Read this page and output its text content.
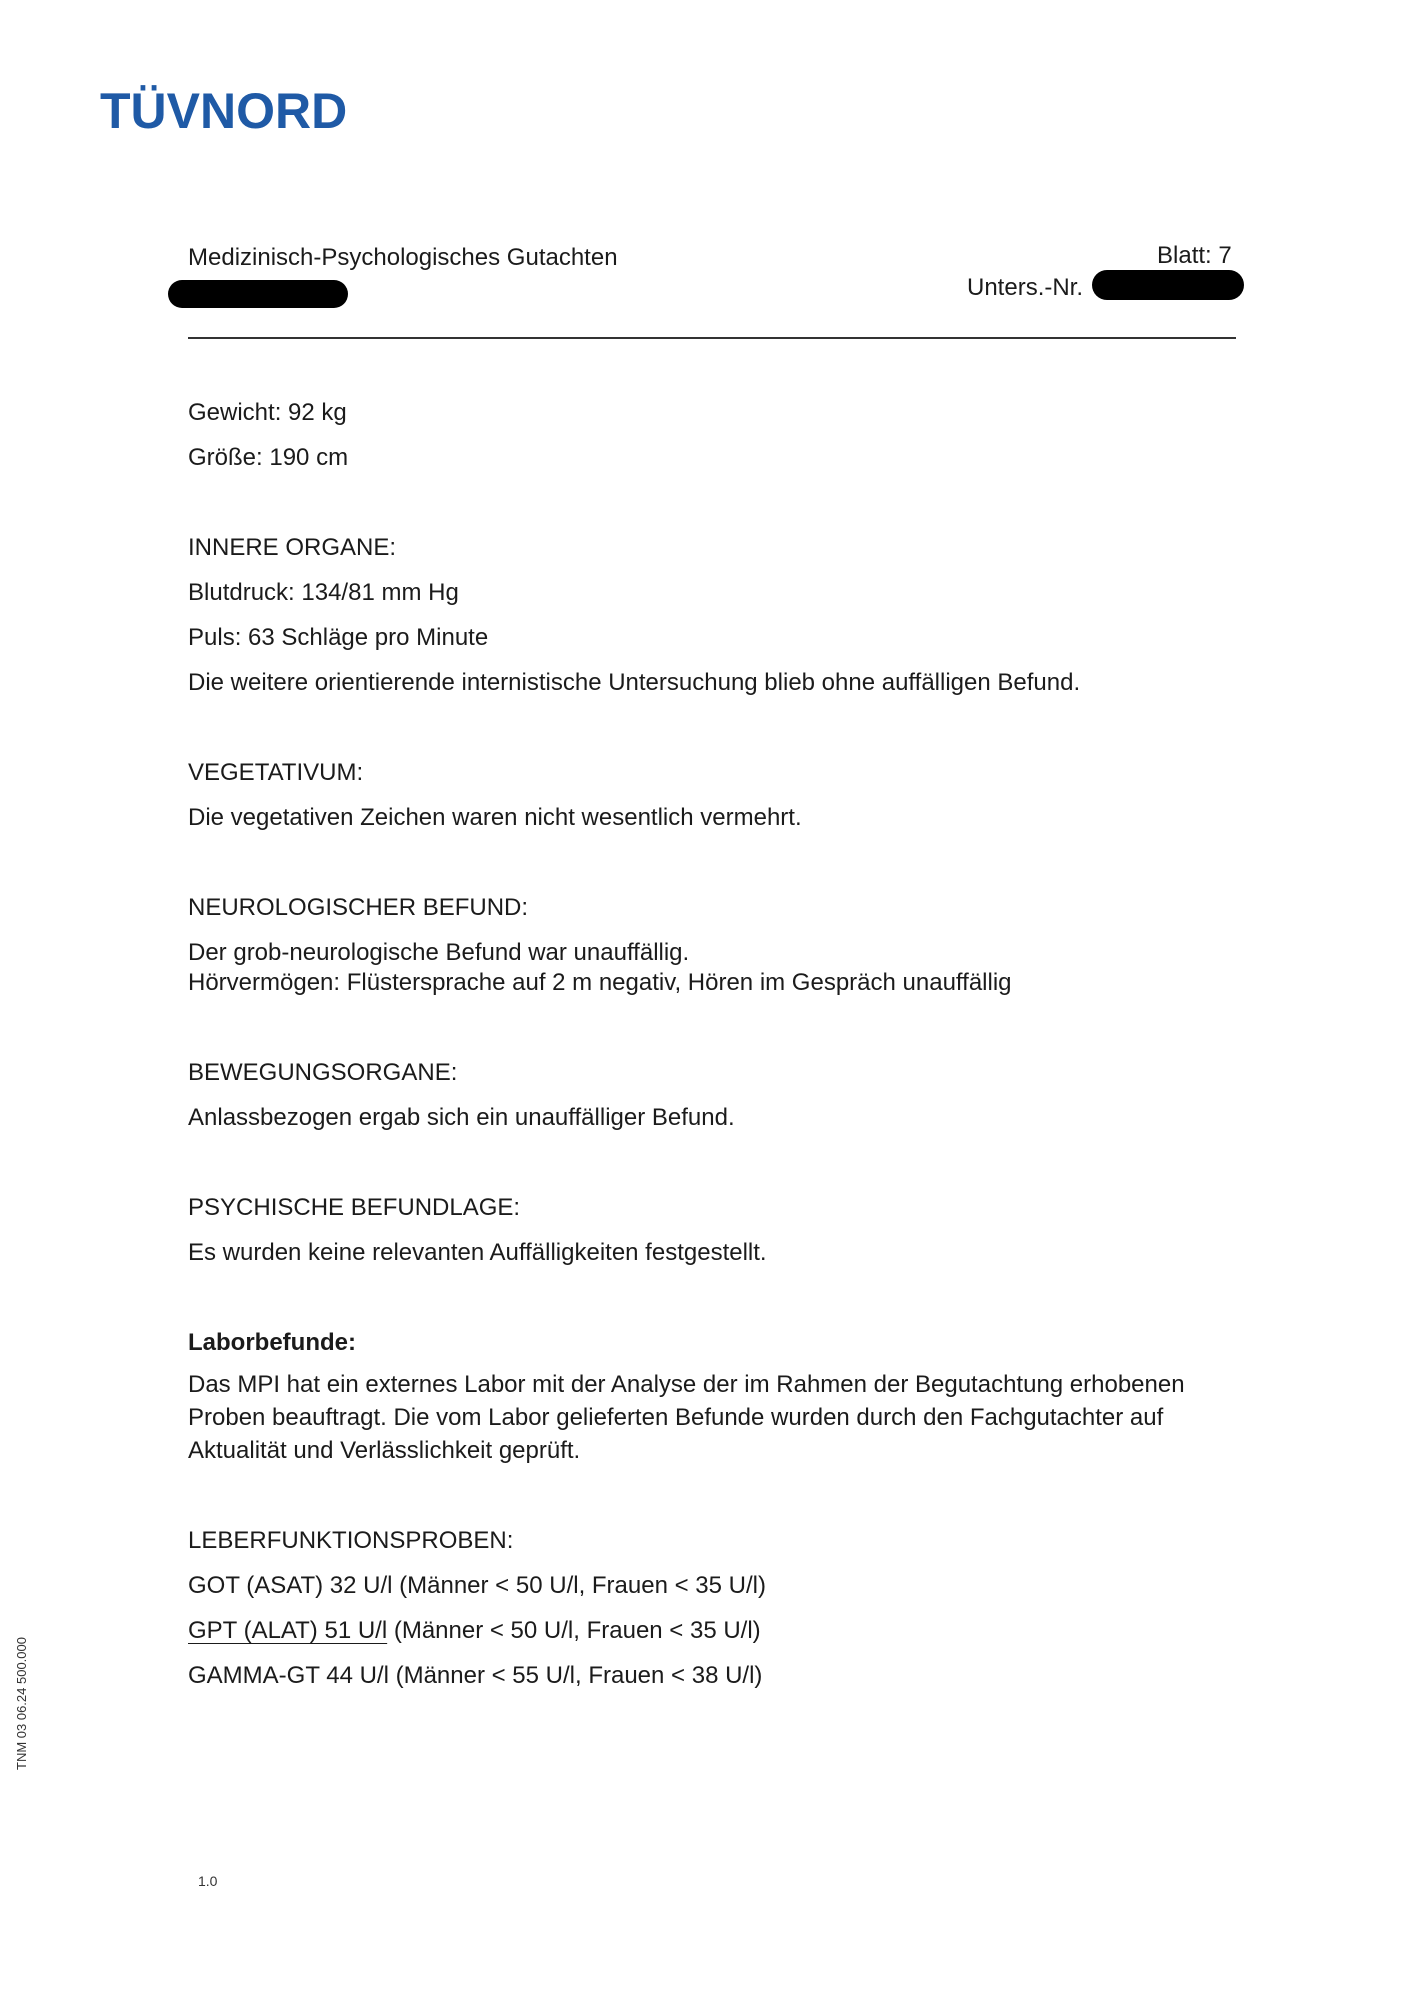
TÜVNORD
Medizinisch-Psychologisches Gutachten	Blatt: 7
Unters.-Nr.
Gewicht: 92 kg
Größe: 190 cm
INNERE ORGANE:
Blutdruck: 134/81 mm Hg
Puls: 63 Schläge pro Minute
Die weitere orientierende internistische Untersuchung blieb ohne auffälligen Befund.
VEGETATIVUM:
Die vegetativen Zeichen waren nicht wesentlich vermehrt.
NEUROLOGISCHER BEFUND:
Der grob-neurologische Befund war unauffällig.
Hörvermögen: Flüstersprache auf 2 m negativ, Hören im Gespräch unauffällig
BEWEGUNGSORGANE:
Anlassbezogen ergab sich ein unauffälliger Befund.
PSYCHISCHE BEFUNDLAGE:
Es wurden keine relevanten Auffälligkeiten festgestellt.
Laborbefunde:
Das MPI hat ein externes Labor mit der Analyse der im Rahmen der Begutachtung erhobenen
Proben beauftragt. Die vom Labor gelieferten Befunde wurden durch den Fachgutachter auf
Aktualität und Verlässlichkeit geprüft.
LEBERFUNKTIONSPROBEN:
GOT (ASAT) 32 U/l (Männer < 50 U/l, Frauen < 35 U/l)
GPT (ALAT) 51 U/l (Männer < 50 U/l, Frauen < 35 U/l)
GAMMA-GT 44 U/l (Männer < 55 U/l, Frauen < 38 U/l)
1.0
TNM 03 06.24 500.000
